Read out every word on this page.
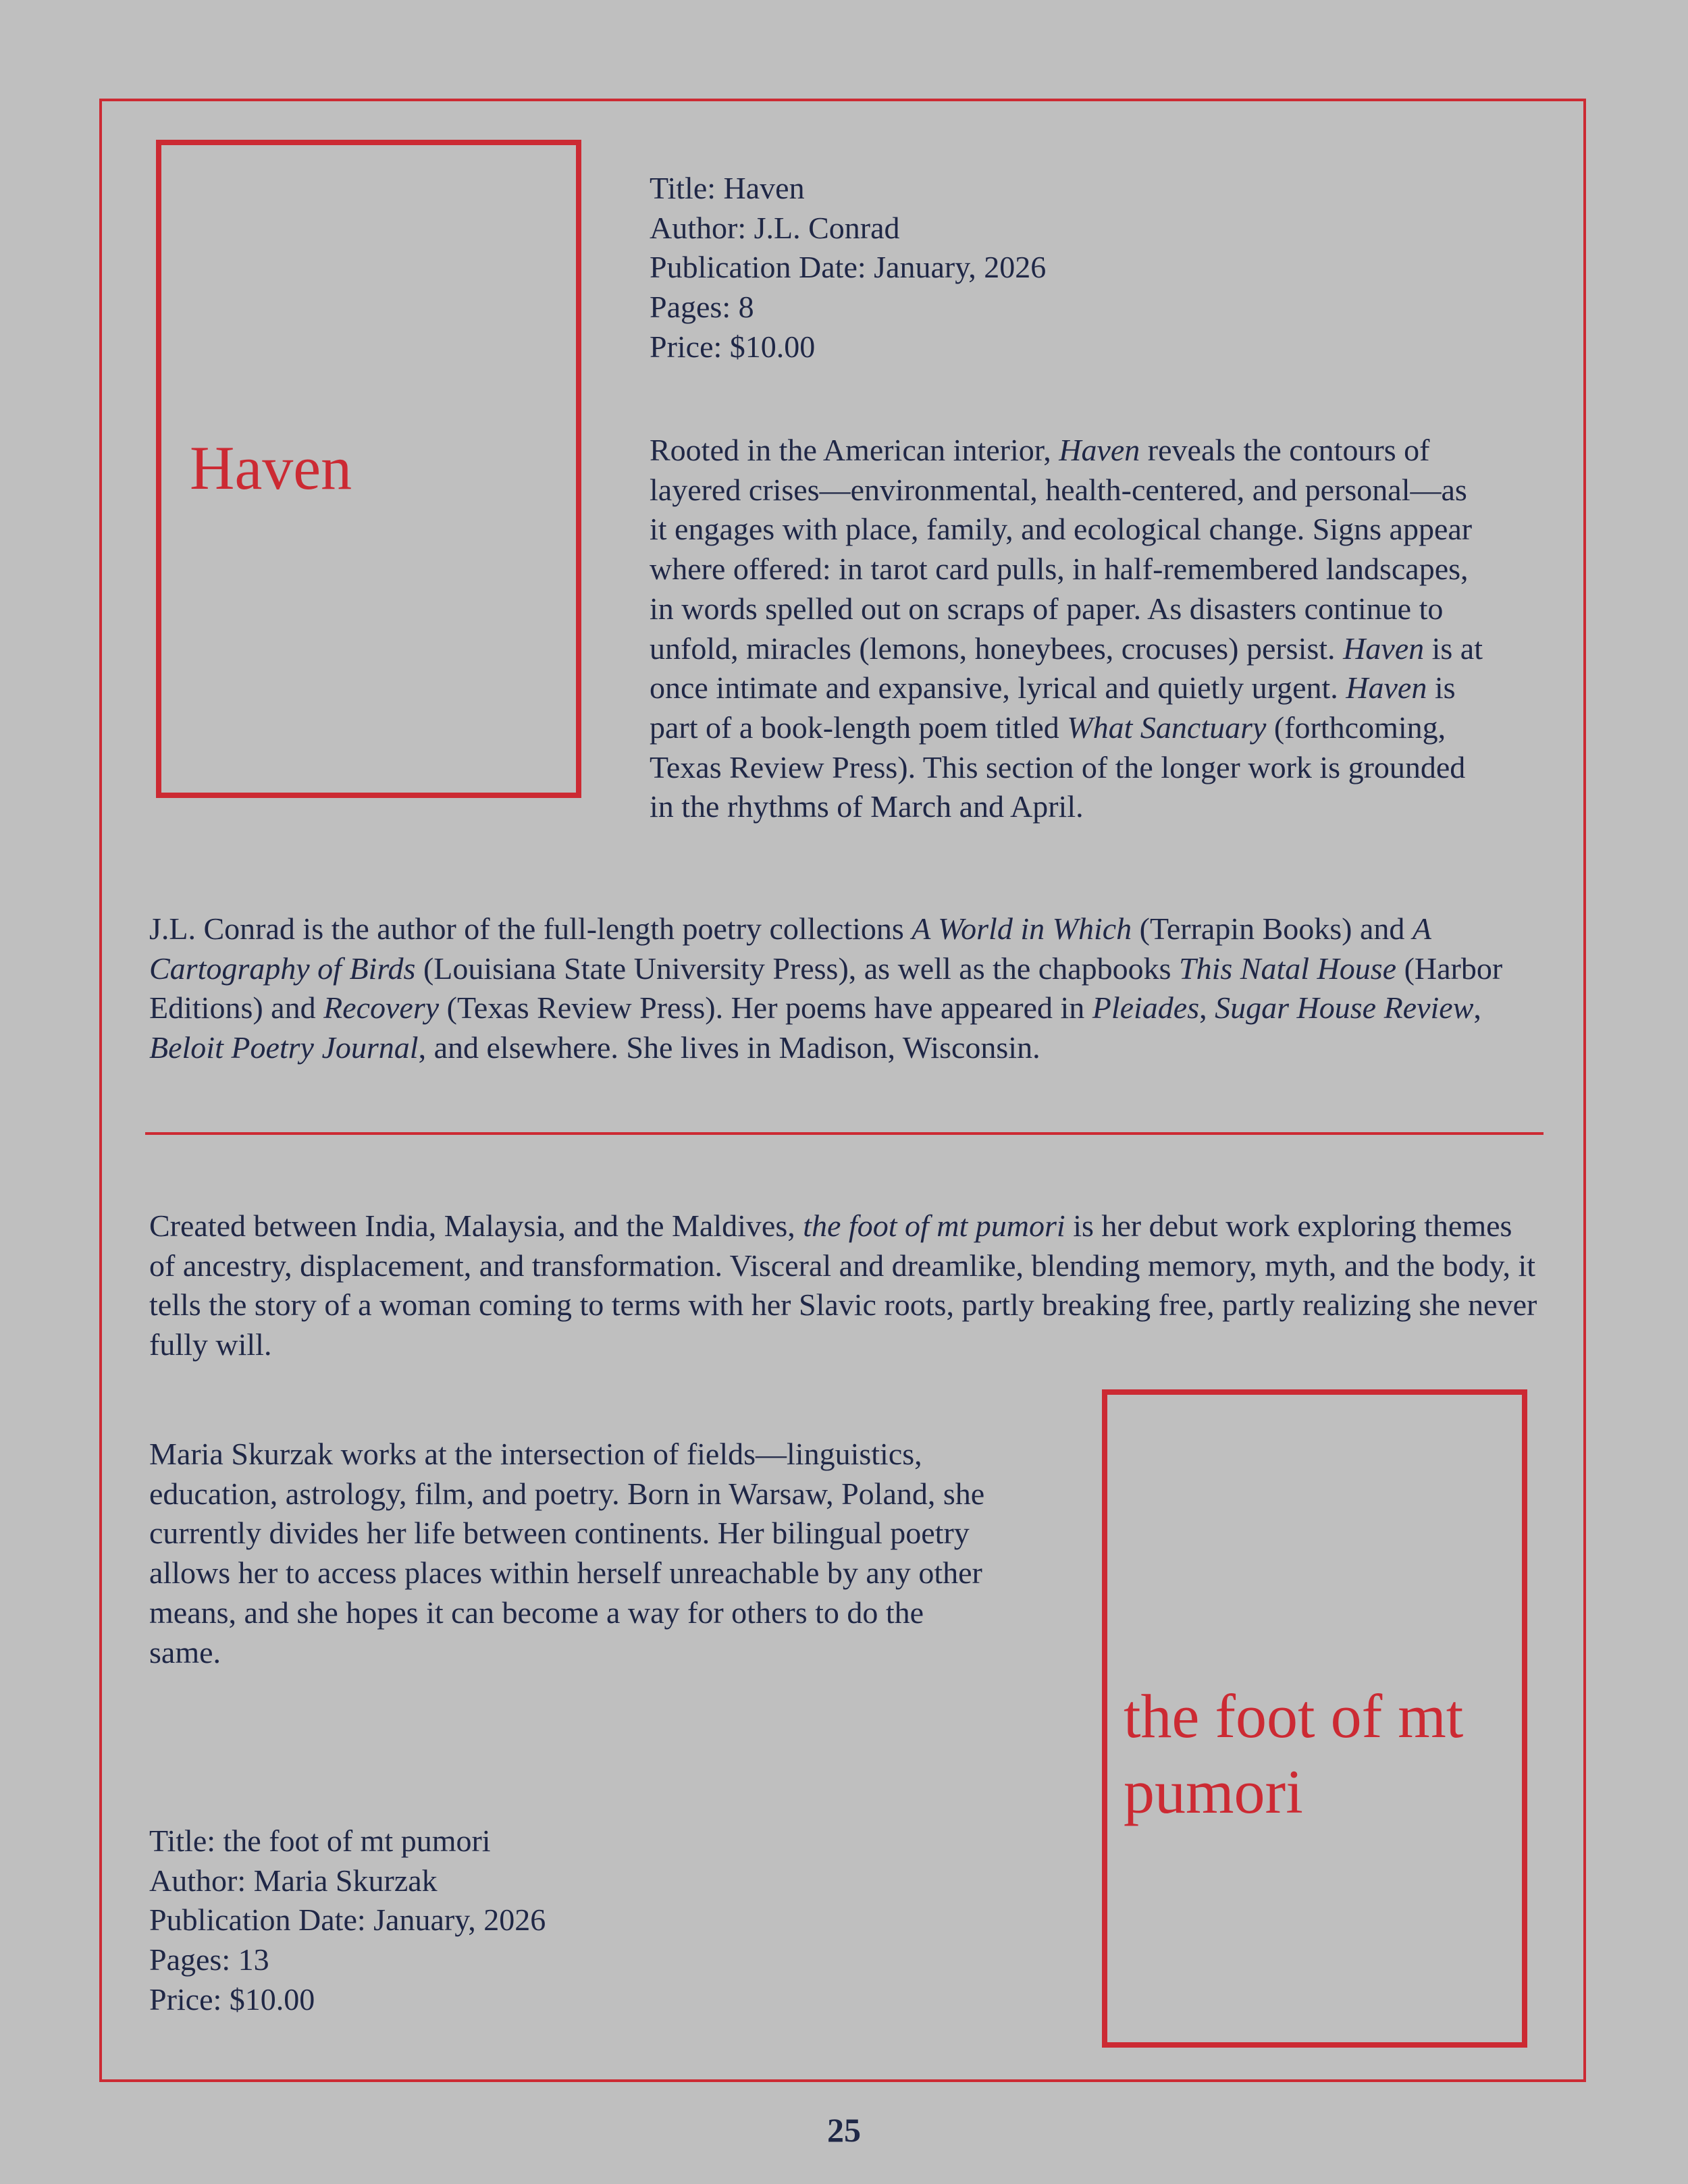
Haven
Title: Haven
Author: J.L. Conrad
Publication Date: January, 2026
Pages: 8
Price: $10.00

Rooted in the American interior, Haven reveals the contours of layered crises—environmental, health-centered, and personal—as it engages with place, family, and ecological change. Signs appear where offered: in tarot card pulls, in half-remembered landscapes, in words spelled out on scraps of paper. As disasters continue to unfold, miracles (lemons, honeybees, crocuses) persist. Haven is at once intimate and expansive, lyrical and quietly urgent. Haven is part of a book-length poem titled What Sanctuary (forthcoming, Texas Review Press). This section of the longer work is grounded in the rhythms of March and April.

J.L. Conrad is the author of the full-length poetry collections A World in Which (Terrapin Books) and A Cartography of Birds (Louisiana State University Press), as well as the chapbooks This Natal House (Harbor Editions) and Recovery (Texas Review Press). Her poems have appeared in Pleiades, Sugar House Review, Beloit Poetry Journal, and elsewhere. She lives in Madison, Wisconsin.

Created between India, Malaysia, and the Maldives, the foot of mt pumori is her debut work exploring themes of ancestry, displacement, and transformation. Visceral and dreamlike, blending memory, myth, and the body, it tells the story of a woman coming to terms with her Slavic roots, partly breaking free, partly realizing she never fully will.

Maria Skurzak works at the intersection of fields—linguistics, education, astrology, film, and poetry. Born in Warsaw, Poland, she currently divides her life between continents. Her bilingual poetry allows her to access places within herself unreachable by any other means, and she hopes it can become a way for others to do the same.

Title: the foot of mt pumori
Author: Maria Skurzak
Publication Date: January, 2026
Pages: 13
Price: $10.00
the foot of mt pumori
25
